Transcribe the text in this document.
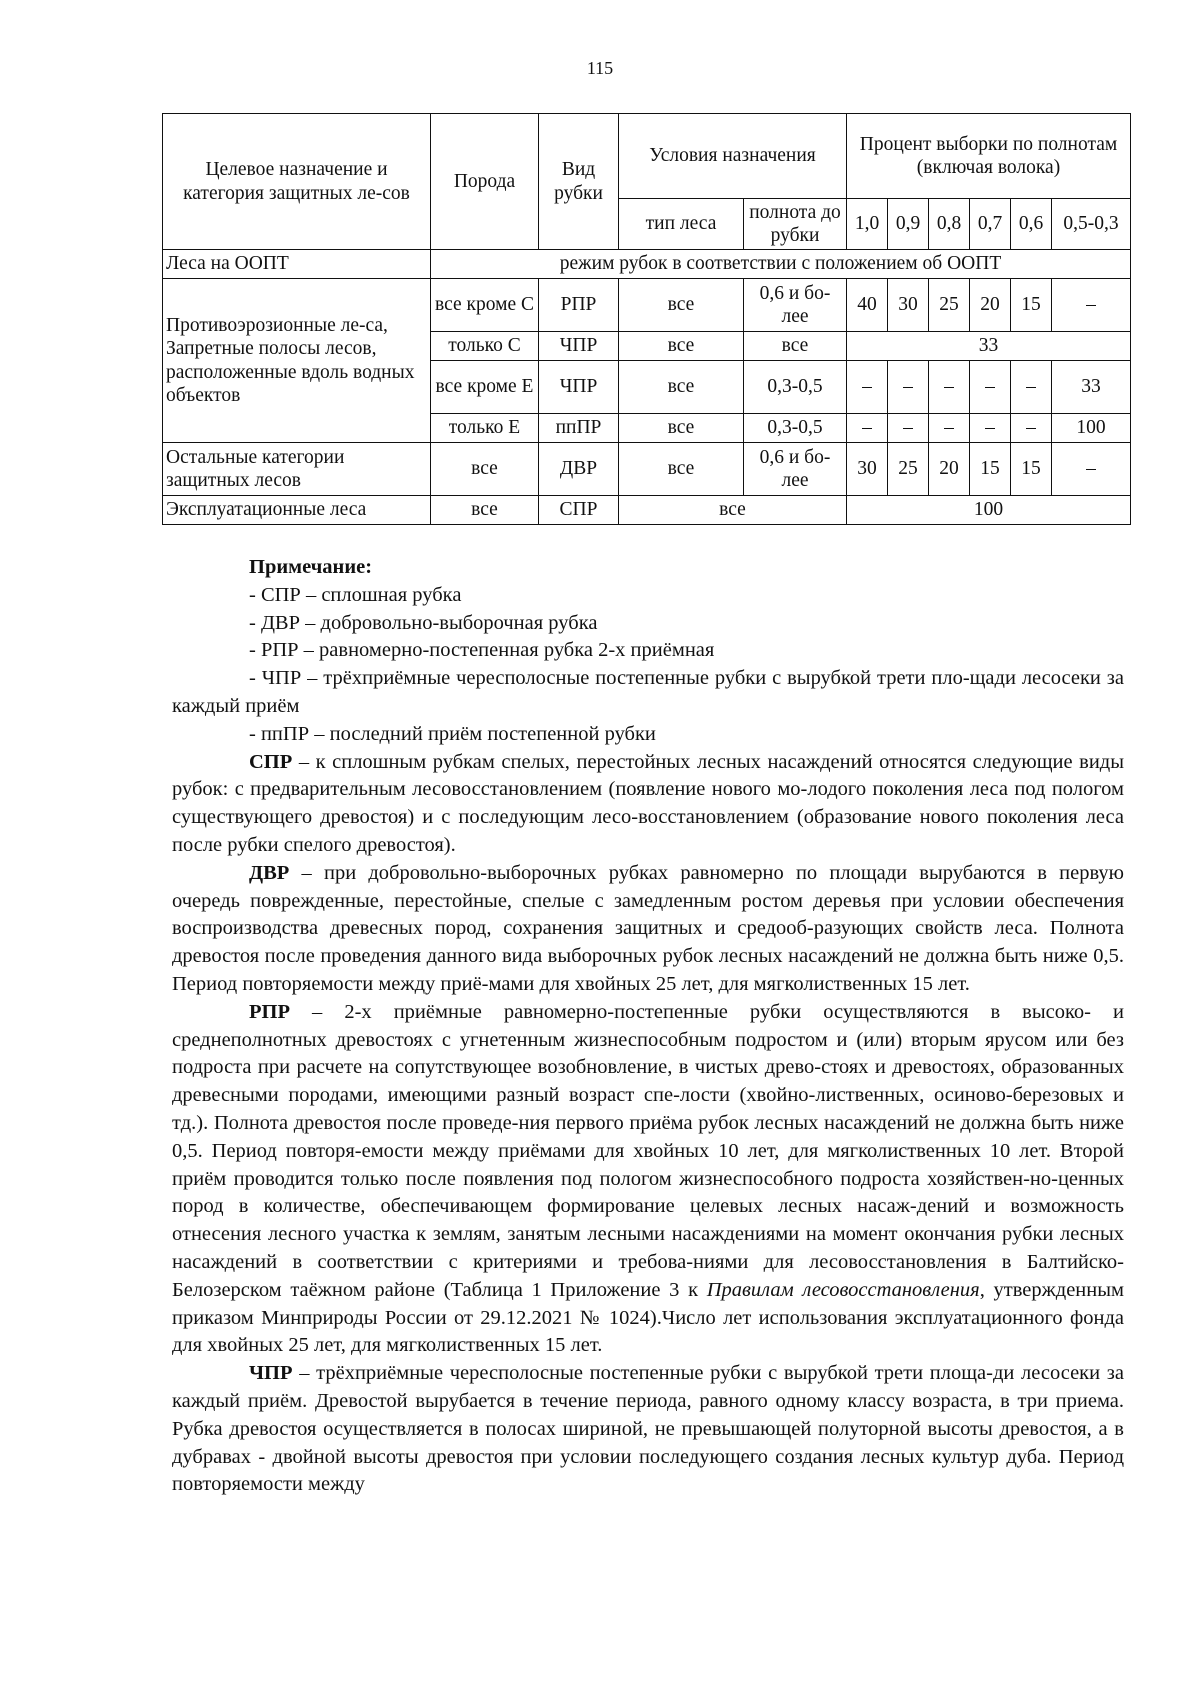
115
Целевое назначение и категория защитных ле-сов	Порода	Вид рубки	Условия назначения		Процент выборки по полнотам (включая волока)					
			тип леса	полнота до рубки	1,0	0,9	0,8	0,7	0,6	0,5-0,3
Леса на ООПТ	режим рубок в соответствии с положением об ООПТ									
Противоэрозионные ле-са, Запретные полосы лесов, расположенные вдоль водных объектов	все кроме С	РПР	все	0,6 и бо-лее	40	30	25	20	15	–
	только С	ЧПР	все	все	33					
	все кроме Е	ЧПР	все	0,3-0,5	–	–	–	–	–	33
	только Е	ппПР	все	0,3-0,5	–	–	–	–	–	100
Остальные категории защитных лесов	все	ДВР	все	0,6 и бо-лее	30	25	20	15	15	–
Эксплуатационные леса	все	СПР	все		100					

Примечание:

- СПР – сплошная рубка

- ДВР – добровольно-выборочная рубка

- РПР – равномерно-постепенная рубка 2-х приёмная

- ЧПР – трёхприёмные чересполосные постепенные рубки с вырубкой трети пло-щади лесосеки за каждый приём

- ппПР – последний приём постепенной рубки

СПР – к сплошным рубкам спелых, перестойных лесных насаждений относятся следующие виды рубок: с предварительным лесовосстановлением (появление нового мо-лодого поколения леса под пологом существующего древостоя) и с последующим лесо-восстановлением (образование нового поколения леса после рубки спелого древостоя).

ДВР – при добровольно-выборочных рубках равномерно по площади вырубаются в первую очередь поврежденные, перестойные, спелые с замедленным ростом деревья при условии обеспечения воспроизводства древесных пород, сохранения защитных и средооб-разующих свойств леса. Полнота древостоя после проведения данного вида выборочных рубок лесных насаждений не должна быть ниже 0,5. Период повторяемости между приё-мами для хвойных 25 лет, для мягколиственных 15 лет.

РПР – 2-х приёмные равномерно-постепенные рубки осуществляются в высоко- и среднеполнотных древостоях с угнетенным жизнеспособным подростом и (или) вторым ярусом или без подроста при расчете на сопутствующее возобновление, в чистых древо-стоях и древостоях, образованных древесными породами, имеющими разный возраст спе-лости (хвойно-лиственных, осиново-березовых и тд.). Полнота древостоя после проведе-ния первого приёма рубок лесных насаждений не должна быть ниже 0,5. Период повторя-емости между приёмами для хвойных 10 лет, для мягколиственных 10 лет. Второй приём проводится только после появления под пологом жизнеспособного подроста хозяйствен-но-ценных пород в количестве, обеспечивающем формирование целевых лесных насаж-дений и возможность отнесения лесного участка к землям, занятым лесными насаждениями на момент окончания рубки лесных насаждений в соответствии с критериями и требова-ниями для лесовосстановления в Балтийско-Белозерском таёжном районе (Таблица 1 Приложение 3 к Правилам лесовосстановления, утвержденным приказом Минприроды России от 29.12.2021 № 1024).Число лет использования эксплуатационного фонда для хвойных 25 лет, для мягколиственных 15 лет.

ЧПР – трёхприёмные чересполосные постепенные рубки с вырубкой трети площа-ди лесосеки за каждый приём. Древостой вырубается в течение периода, равного одному классу возраста, в три приема. Рубка древостоя осуществляется в полосах шириной, не превышающей полуторной высоты древостоя, а в дубравах - двойной высоты древостоя при условии последующего создания лесных культур дуба. Период повторяемости между
